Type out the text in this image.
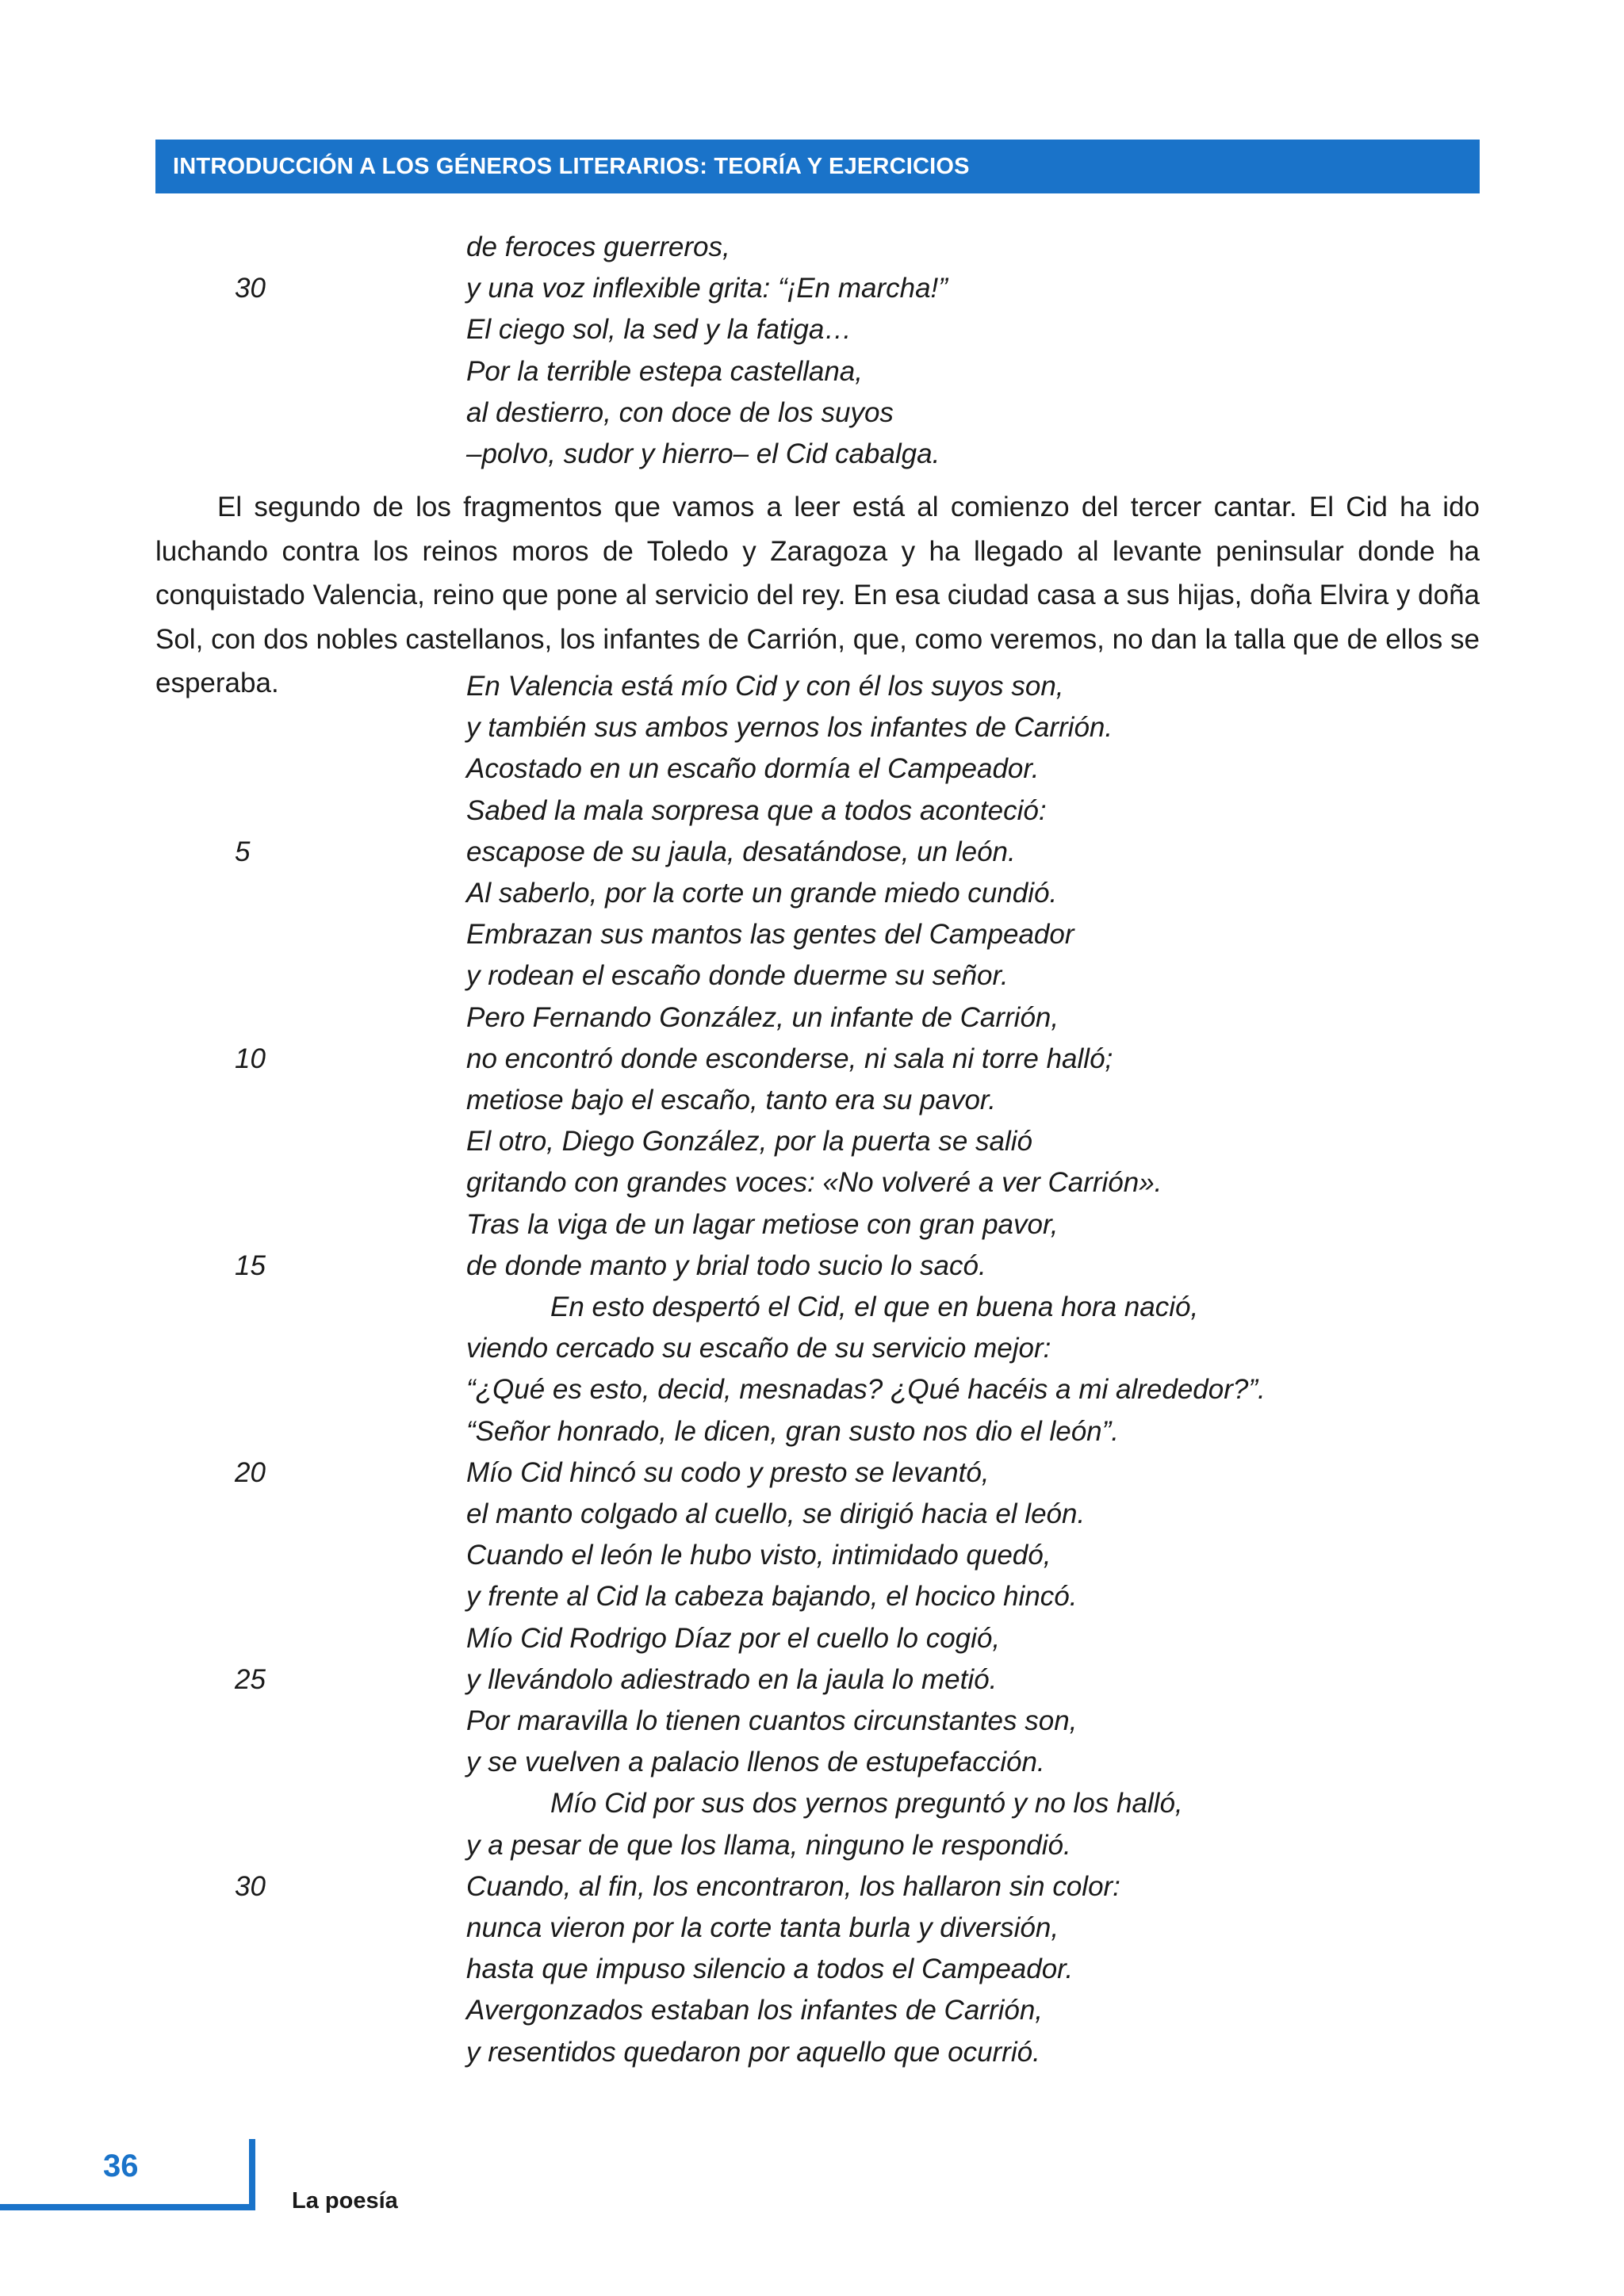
INTRODUCCIÓN A LOS GÉNEROS LITERARIOS: TEORÍA Y EJERCICIOS
de feroces guerreros,
y una voz inflexible grita: “¡En marcha!”
30
El ciego sol, la sed y la fatiga…
Por la terrible estepa castellana,
al destierro, con doce de los suyos
–polvo, sudor y hierro– el Cid cabalga.

El segundo de los fragmentos que vamos a leer está al comienzo del tercer cantar. El Cid ha ido luchando contra los reinos moros de Toledo y Zaragoza y ha llegado al levante peninsular donde ha conquistado Valencia, reino que pone al servicio del rey. En esa ciudad casa a sus hijas, doña Elvira y doña Sol, con dos nobles castellanos, los infantes de Carrión, que, como veremos, no dan la talla que de ellos se esperaba.	En Valencia está mío Cid y con él los suyos son,
y también sus ambos yernos los infantes de Carrión.
Acostado en un escaño dormía el Campeador.
Sabed la mala sorpresa que a todos aconteció:
escapose de su jaula, desatándose, un león.
5
Al saberlo, por la corte un grande miedo cundió.
Embrazan sus mantos las gentes del Campeador
y rodean el escaño donde duerme su señor.
Pero Fernando González, un infante de Carrión,
no encontró donde esconderse, ni sala ni torre halló;
10
metiose bajo el escaño, tanto era su pavor.
El otro, Diego González, por la puerta se salió
gritando con grandes voces: «No volveré a ver Carrión».
Tras la viga de un lagar metiose con gran pavor,
de donde manto y brial todo sucio lo sacó.
15
En esto despertó el Cid, el que en buena hora nació,
viendo cercado su escaño de su servicio mejor:
“¿Qué es esto, decid, mesnadas? ¿Qué hacéis a mi alrededor?”.
“Señor honrado, le dicen, gran susto nos dio el león”.
Mío Cid hincó su codo y presto se levantó,
20
el manto colgado al cuello, se dirigió hacia el león.
Cuando el león le hubo visto, intimidado quedó,
y frente al Cid la cabeza bajando, el hocico hincó.
Mío Cid Rodrigo Díaz por el cuello lo cogió,
y llevándolo adiestrado en la jaula lo metió.
25
Por maravilla lo tienen cuantos circunstantes son,
y se vuelven a palacio llenos de estupefacción.
Mío Cid por sus dos yernos preguntó y no los halló,
y a pesar de que los llama, ninguno le respondió.
Cuando, al fin, los encontraron, los hallaron sin color:
30
nunca vieron por la corte tanta burla y diversión,
hasta que impuso silencio a todos el Campeador.
Avergonzados estaban los infantes de Carrión,
y resentidos quedaron por aquello que ocurrió.
36
La poesía
